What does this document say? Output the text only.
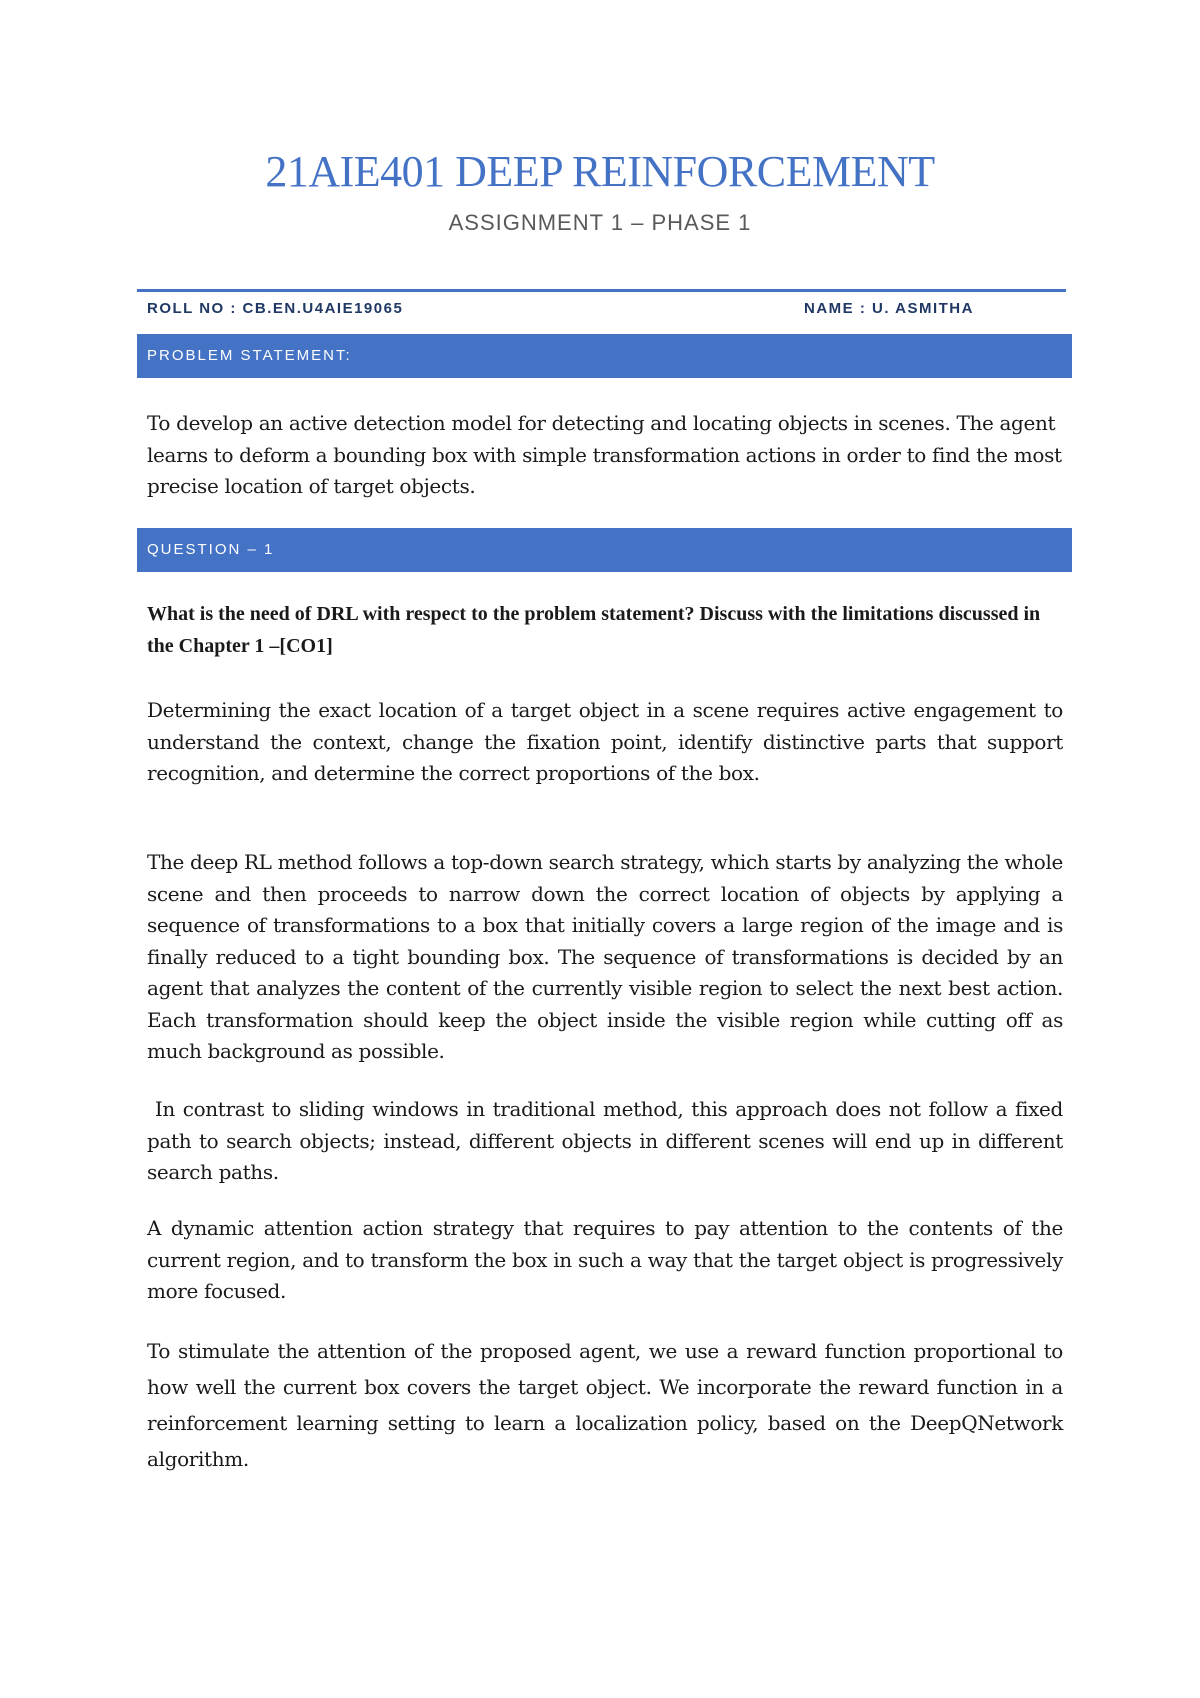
21AIE401 DEEP REINFORCEMENT
ASSIGNMENT 1 – PHASE 1
ROLL NO : CB.EN.U4AIE19065	NAME : U. ASMITHA
PROBLEM STATEMENT:

To develop an active detection model for detecting and locating objects in scenes. The agent learns to deform a bounding box with simple transformation actions in order to find the most precise location of target objects.

QUESTION – 1

What is the need of DRL with respect to the problem statement? Discuss with the limitations discussed in the Chapter 1 –[CO1]

Determining the exact location of a target object in a scene requires active engagement to understand the context, change the fixation point, identify distinctive parts that support recognition, and determine the correct proportions of the box.

The deep RL method follows a top-down search strategy, which starts by analyzing the whole scene and then proceeds to narrow down the correct location of objects by applying a sequence of transformations to a box that initially covers a large region of the image and is finally reduced to a tight bounding box. The sequence of transformations is decided by an agent that analyzes the content of the currently visible region to select the next best action. Each transformation should keep the object inside the visible region while cutting off as much background as possible.

In contrast to sliding windows in traditional method, this approach does not follow a fixed path to search objects; instead, different objects in different scenes will end up in different search paths.

A dynamic attention action strategy that requires to pay attention to the contents of the current region, and to transform the box in such a way that the target object is progressively more focused.

To stimulate the attention of the proposed agent, we use a reward function proportional to how well the current box covers the target object. We incorporate the reward function in a reinforcement learning setting to learn a localization policy, based on the DeepQNetwork algorithm.
